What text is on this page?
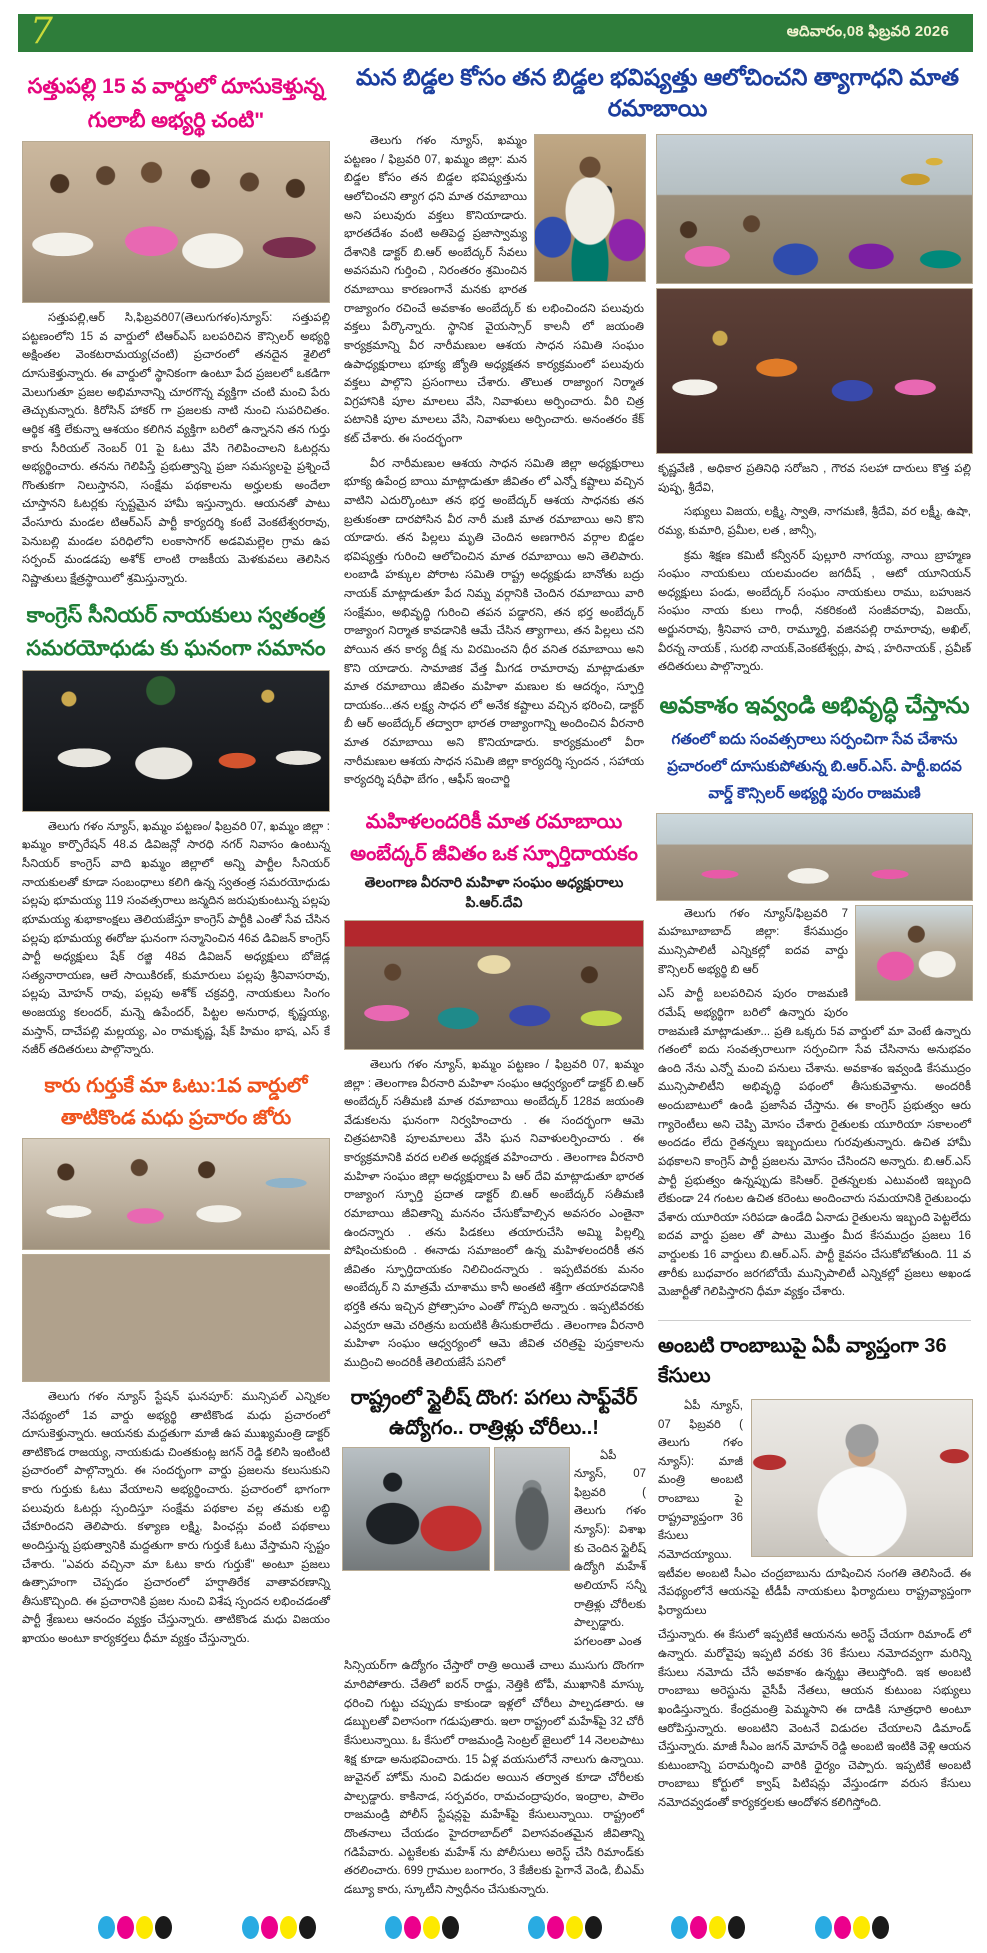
7	ఆదివారం,08 ఫిబ్రవరి 2026
సత్తుపల్లి 15 వ వార్డులో దూసుకెళ్తున్న గులాబీ అభ్యర్థి చంటి"

సత్తుపల్లి,ఆర్ సి,ఫిబ్రవరి07(తెలుగుగళం)న్యూస్: సత్తుపల్లి పట్టణంలోని 15 వ వార్డులో టిఆర్ఎస్ బలపరిచిన కౌన్సిలర్ అభ్యర్థి అక్షింతల వెంకటరామయ్య(చంటి) ప్రచారంలో తనదైన శైలిలో దూసుకెళ్తున్నారు. ఈ వార్డులో స్థానికంగా ఉంటూ పేద ప్రజలలో ఒకడిగా మెలుగుతూ ప్రజల అభిమానాన్ని చూరగొన్న వ్యక్తిగా చంటి మంచి పేరు తెచ్చుకున్నారు. కిరోసిన్ హాకర్ గా ప్రజలకు నాటి నుంచి సుపరిచితం. ఆర్థిక శక్తి లేకున్నా ఆశయం కలిగిన వ్యక్తిగా బరిలో ఉన్నానని తన గుర్తు కారు సీరియల్ నెంబర్ 01 పై ఓటు వేసి గెలిపించాలని ఓటర్లను అభ్యర్థించారు. తనను గెలిపిస్తే ప్రభుత్వాన్ని ప్రజా సమస్యలపై ప్రశ్నించే గొంతుకగా నిలుస్తానని, సంక్షేమ పథకాలను అర్హులకు అందేలా చూస్తానని ఓటర్లకు స్పష్టమైన హామీ ఇస్తున్నారు. ఆయనతో పాటు వేంసూరు మండల టిఆర్ఎస్ పార్టీ కార్యదర్శి కంటే వెంకటేశ్వరరావు, పెనుబల్లి మండల పరిధిలోని లంకాసాగర్ అడవిమల్లెల గ్రామ ఉప సర్పంచ్ మండడపు అశోక్ లాంటి రాజకీయ మెళకువలు తెలిసిన నిష్ణాతులు క్షేత్రస్థాయిలో శ్రమిస్తున్నారు.

కాంగ్రెస్ సీనియర్ నాయకులు స్వతంత్ర సమరయోధుడు కు ఘనంగా సమానం

తెలుగు గళం న్యూస్, ఖమ్మం పట్టణం/ ఫిబ్రవరి 07, ఖమ్మం జిల్లా : ఖమ్మం కార్పొరేషన్ 48.వ డివిజన్లో సారధి నగర్ నివాసం ఉంటున్న సీనియర్ కాంగ్రెస్ వాది ఖమ్మం జిల్లాలో అన్ని పార్టీల సీనియర్ నాయకులతో కూడా సంబంధాలు కలిగి ఉన్న స్వతంత్ర సమరయోధుడు పల్లపు భూమయ్య 119 సంవత్సరాలు జన్మదిన జరుపుకుంటున్న పల్లపు భూమయ్య శుభాకాంక్షలు తెలియజేస్తూ కాంగ్రెస్ పార్టీకి ఎంతో సేవ చేసిన పల్లపు భూమయ్య ఈరోజు ఘనంగా సన్మానించిన 46వ డివిజన్ కాంగ్రెస్ పార్టీ అధ్యక్షులు షేక్ రజ్జి 48వ డివిజన్ అధ్యక్షులు బోజెడ్ల సత్యనారాయణ, ఆలే సాయికిరణ్, కుమారులు పల్లపు శ్రీనివాసరావు, పల్లపు మోహన్ రావు, పల్లపు అశోక్ చక్రవర్తి, నాయకులు సింగం అంజయ్య కలందర్, మన్నె ఉపేందర్, పిట్టల అనురాధ, కృష్ణయ్య, మస్తాన్, దాచేపల్లి మల్లయ్య, ఎం రామకృష్ణ, షేక్ హిమం భాష, ఎస్ కే నజీర్ తదితరులు పాల్గొన్నారు.

కారు గుర్తుకే మా ఓటు:1వ వార్డులో తాటికొండ మధు ప్రచారం జోరు

తెలుగు గళం న్యూస్ స్టేషన్ ఘనపూర్: మున్సిపల్ ఎన్నికల నేపథ్యంలో 1వ వార్డు అభ్యర్థి తాటికొండ మధు ప్రచారంలో దూసుకెళ్తున్నారు. ఆయనకు మద్దతుగా మాజీ ఉప ముఖ్యమంత్రి డాక్టర్ తాటికొండ రాజయ్య, నాయకుడు చింతకుంట్ల జగన్ రెడ్డి కలిసి ఇంటింటి ప్రచారంలో పాల్గొన్నారు. ఈ సందర్భంగా వార్డు ప్రజలను కలుసుకుని కారు గుర్తుకు ఓటు వేయాలని అభ్యర్థించారు. ప్రచారంలో భాగంగా పలువురు ఓటర్లు స్పందిస్తూ సంక్షేమ పథకాల వల్ల తమకు లబ్ధి చేకూరిందని తెలిపారు. కళ్యాణ లక్ష్మి, పింఛన్లు వంటి పథకాలు అందిస్తున్న ప్రభుత్వానికి మద్దతుగా కారు గుర్తుకే ఓటు వేస్తామని స్పష్టం చేశారు. "ఎవరు వచ్చినా మా ఓటు కారు గుర్తుకే" అంటూ ప్రజలు ఉత్సాహంగా చెప్పడం ప్రచారంలో హర్షాతిరేక వాతావరణాన్ని తీసుకొచ్చింది. ఈ ప్రచారానికి ప్రజల నుంచి విశేష స్పందన లభించడంతో పార్టీ శ్రేణులు ఆనందం వ్యక్తం చేస్తున్నారు. తాటికొండ మధు విజయం ఖాయం అంటూ కార్యకర్తలు ధీమా వ్యక్తం చేస్తున్నారు.

మన బిడ్డల కోసం తన బిడ్డల భవిష్యత్తు ఆలోచించని త్యాగాధని మాత రమాబాయి

తెలుగు గళం న్యూస్, ఖమ్మం పట్టణం / ఫిబ్రవరి 07, ఖమ్మం జిల్లా: మన బిడ్డల కోసం తన బిడ్డల భవిష్యత్తును ఆలోచించని త్యాగ ధని మాత రమాబాయి అని పలువురు వక్తలు కొనియాడారు. భారతదేశం వంటి అతిపెద్ద ప్రజాస్వామ్య దేశానికి డాక్టర్ బి.ఆర్ అంబేద్కర్ సేవలు అవసమని గుర్తించి , నిరంతరం శ్రమించిన రమాబాయి కారణంగానే మనకు భారత రాజ్యాంగం రచించే అవకాశం అంబేద్కర్ కు లభించిందని పలువురు వక్తలు పేర్కొన్నారు. స్థానిక వైయస్సార్ కాలనీ లో జయంతి కార్యక్రమాన్ని వీర నారీమణుల ఆశయ సాధన సమితి సంఘం ఉపాధ్యక్షురాలు భూక్య జ్యోతి అధ్యక్షతన కార్యక్రమంలో పలువురు వక్తలు పాల్గొని ప్రసంగాలు చేశారు. తొలుత రాజ్యాంగ నిర్మాత విగ్రహానికి పూల మాలలు వేసి, నివాళులు అర్పించారు. వీరి చిత్ర పటానికి పూల మాలలు వేసి, నివాళులు అర్పించారు. అనంతరం కేక్ కట్ చేశారు. ఈ సందర్భంగా

వీర నారీమణుల ఆశయ సాధన సమితి జిల్లా అధ్యక్షురాలు భూక్య ఉపేంద్ర బాయి మాట్లాడుతూ జీవితం లో ఎన్నో కష్టాలు వచ్చిన వాటిని ఎదుర్కొంటూ తన భర్త అంబేద్కర్ ఆశయ సాధనకు తన బ్రతుకంతా దారపోసిన వీర నారీ మణి మాత రమాబాయి అని కొని యాడారు. తన పిల్లలు మృతి చెందిన అణగారిన వర్గాల బిడ్డల భవిష్యత్తు గురించి ఆలోచించిన మాత రమాబాయి అని తెలిపారు. లంబాడి హక్కుల పోరాట సమితి రాష్ట్ర అధ్యక్షుడు బానోతు బద్రు నాయక్ మాట్లాడుతూ పేద నిమ్న వర్గానికి చెందిన రమాబాయి వారి సంక్షేమం, అభివృద్ధి గురించి తపన పడ్డారని, తన భర్త అంబేద్కర్ రాజ్యాంగ నిర్మాత కావడానికి ఆమే చేసిన త్యాగాలు, తన పిల్లలు చని పోయిన తన కార్య దీక్ష ను విరమించని ధీర వనిత రమాబాయి అని కొని యాడారు. సామాజిక వేత్త మీగడ రామారావు మాట్లాడుతూ మాత రమాబాయి జీవితం మహిళా మణుల కు ఆదర్శం, స్ఫూర్తి దాయకం...తన లక్ష్య సాధన లో అనేక కష్టాలు వచ్చిన భరించి, డాక్టర్ బీ ఆర్ అంబేద్కర్ తద్వారా భారత రాజ్యాంగాన్ని అందించిన వీరనారి మాత రమాబాయి అని కొనియాడారు. కార్యక్రమంలో వీరా నారీమణుల ఆశయ సాధన సమితి జిల్లా కార్యదర్శి స్పందన , సహాయ కార్యదర్శి షరీఫా బేగం , ఆఫీస్ ఇంచార్జి

మహిళలందరికీ మాత రమాబాయి అంబేద్కర్ జీవితం ఒక స్ఫూర్తిదాయకం
తెలంగాణ వీరనారి మహిళా సంఘం అధ్యక్షురాలు పి.ఆర్.దేవి

తెలుగు గళం న్యూస్, ఖమ్మం పట్టణం / ఫిబ్రవరి 07, ఖమ్మం జిల్లా : తెలంగాణ వీరనారి మహిళా సంఘం ఆధ్వర్యంలో డాక్టర్ బి.ఆర్ అంబేద్కర్ సతీమణి మాత రమాబాయి అంబేద్కర్ 128వ జయంతి వేడుకలను ఘనంగా నిర్వహించారు . ఈ సందర్భంగా ఆమె చిత్రపటానికి పూలమాలలు వేసి ఘన నివాళులర్పించారు . ఈ కార్యక్రమానికి వరద లలిత అధ్యక్షత వహించారు . తెలంగాణ వీరనారి మహిళా సంఘం జిల్లా అధ్యక్షురాలు పి ఆర్ దేవి మాట్లాడుతూ భారత రాజ్యాంగ స్ఫూర్తి ప్రదాత డాక్టర్ బి.ఆర్ అంబేద్కర్ సతీమణి రమాబాయి జీవితాన్ని మననం చేసుకోవాల్సిన అవసరం ఎంతైనా ఉందన్నారు . తను పిడకలు తయారుచేసి అమ్మి పిల్లల్ని పోషించుకుంది . ఈనాడు సమాజంలో ఉన్న మహిళలందరికీ తన జీవితం స్ఫూర్తిదాయకం నిలిచిందన్నారు . ఇప్పటివరకు మనం అంబేద్కర్ ని మాత్రమే చూశాము కానీ అంతటి శక్తిగా తయారవడానికి భర్తకి తను ఇచ్చిన ప్రోత్సాహం ఎంతో గొప్పది అన్నారు . ఇప్పటివరకు ఎవ్వరూ ఆమె చరిత్రను బయటికి తీసుకురాలేదు . తెలంగాణ వీరనారి మహిళా సంఘం ఆధ్వర్యంలో ఆమె జీవిత చరిత్రపై పుస్తకాలను ముద్రించి అందరికీ తెలియజేసే పనిలో

రాష్ట్రంలో స్టైలీష్ దొంగ: పగలు సాఫ్ట్‌వేర్ ఉద్యోగం.. రాత్రిళ్లు చోరీలు..!

ఏపీ న్యూస్, 07 ఫిబ్రవరి ( తెలుగు గళం న్యూస్): విశాఖ కు చెందిన స్టైలీష్ ఉద్యోగి మహేశ్ అలియాస్ సన్నీ రాత్రిళ్లు చోరీలకు పాల్పడ్డారు. పగలంతా ఎంత

సిన్సియర్‌గా ఉద్యోగం చేస్తారో రాత్రి అయితే చాలు ముసుగు దొంగగా మారిపోతారు. చేతిలో ఐరన్ రాడ్డు, నెత్తికి టోపీ, ముఖానికి మాస్కు ధరించి గుట్టు చప్పుడు కాకుండా ఇళ్లలో చోరీలు పాల్పడతారు. ఆ డబ్బులతో విలాసంగా గడుపుతారు. ఇలా రాష్ట్రంలో మహేశ్‌పై 32 చోరీ కేసులున్నాయి. ఓ కేసులో రాజమండ్రి సెంట్రల్ జైలులో 14 నెలలపాటు శిక్ష కూడా అనుభవించారు. 15 ఏళ్ల వయసులోనే నాలుగు ఉన్నాయి. జువైనల్ హోమ్ నుంచి విడుదల అయిన తర్వాత కూడా చోరీలకు పాల్పడ్డారు. కాకినాడ, సర్పవరం, రామచంద్రాపురం, ఇంద్రాల, పాలెం రాజమండ్రి పోలీస్ స్టేషన్లపై మహేశ్‌పై కేసులున్నాయి. రాష్ట్రంలో దొంతనాలు చేయడం హైదరాబాద్‌లో విలాసవంతమైన జీవితాన్ని గడిపేవారు. ఎట్టకేలకు మహేశ్ ను పోలీసులు అరెస్ట్ చేసి రిమాండ్‌కు తరలించారు. 699 గ్రాముల బంగారం, 3 కేజీలకు పైగానే వెండి, బీఎమ్ డబ్యూ కారు, స్కూటీని స్వాధీనం చేసుకున్నారు.

కృష్ణవేణి , అధికార ప్రతినిధి సరోజని , గౌరవ సలహా దారులు కొత్త పల్లి పుష్ప, శ్రీదేవి,

సభ్యులు విజయ, లక్ష్మి, స్వాతి, నాగమణి, శ్రీదేవి, వర లక్ష్మీ, ఉషా, రమ్య, కుమారి, ప్రమీల, లత , జాన్సీ,

క్రమ శిక్షణ కమిటీ కన్వీనర్ పుల్లూరి నాగయ్య, నాయి బ్రాహ్మణ సంఘం నాయకులు యలమందల జగదీష్ , ఆటో యూనియన్ అధ్యక్షులు పండు, అంబేద్కర్ సంఘం నాయకులు రాము, బహుజన సంఘం నాయ కులు గాంధీ, నకరికంటి సంజీవరావు, విజయ్, అర్జునరావు, శ్రీనివాస చారి, రామ్మూర్తి, వజినపల్లి రామారావు, అఖిల్, వీరన్న నాయక్ , సురభి నాయక్,వెంకటేశ్వర్లు, పాష , హరినాయక్ , ప్రవీణ్ తదితరులు పాల్గొన్నారు.

అవకాశం ఇవ్వండి అభివృద్ధి చేస్తాను
గతంలో ఐదు సంవత్సరాలు సర్పంచిగా సేవ చేశాను
ప్రచారంలో దూసుకుపోతున్న బి.ఆర్.ఎస్. పార్టీ.ఐదవ వార్డ్ కౌన్సిలర్ అభ్యర్థి పురం రాజమణి

తెలుగు గళం న్యూస్/ఫిబ్రవరి 7 మహబూబాబాద్ జిల్లా: కేసముద్రం మున్సిపాలిటీ ఎన్నికల్లో ఐదవ వార్డు కౌన్సిలర్ అభ్యర్థి బి ఆర్

ఎస్ పార్టీ బలపరిచిన పురం రాజమణి రమేష్ అభ్యర్థిగా బరిలో ఉన్నారు పురం రాజమణి మాట్లాడుతూ... ప్రతి ఒక్కరు 5వ వార్డులో మా వెంటే ఉన్నారు గతంలో ఐదు సంవత్సరాలుగా సర్పంచిగా సేవ చేసినాను అనుభవం ఉంది నేను ఎన్నో మంచి పనులు చేశాను. అవకాశం ఇవ్వండి కేసముద్రం మున్సిపాలిటీని అభివృద్ధి పథంలో తీసుకువెళ్తాను. అందరికీ అందుబాటులో ఉండి ప్రజాసేవ చేస్తాను. ఈ కాంగ్రెస్ ప్రభుత్వం ఆరు గ్యారెంటీలు అని చెప్పి మోసం చేశారు రైతులకు యూరియా సకాలంలో అందడం లేదు రైతన్నలు ఇబ్బందులు గురవుతున్నారు. ఉచిత హామీ పథకాలని కాంగ్రెస్ పార్టీ ప్రజలను మోసం చేసిందని అన్నారు. బి.ఆర్.ఎస్ పార్టీ ప్రభుత్వం ఉన్నప్పుడు కెసిఆర్. రైతన్నలకు ఎటువంటి ఇబ్బంది లేకుండా 24 గంటల ఉచిత కరెంటు అందించారు సమయానికి రైతుబంధు వేశారు యూరియా సరిపడా ఉండేది ఏనాడు రైతులను ఇబ్బంది పెట్టలేదు ఐదవ వార్డు ప్రజల తో పాటు మొత్తం మీద కేసముద్రం ప్రజలు 16 వార్డులకు 16 వార్డులు బి.ఆర్.ఎస్. పార్టీ కైవసం చేసుకోబోతుంది. 11 వ తారీకు బుధవారం జరగబోయే మున్సిపాలిటీ ఎన్నికల్లో ప్రజలు అఖండ మెజార్టీతో గెలిపిస్తారని ధీమా వ్యక్తం చేశారు.

అంబటి రాంబాబుపై ఏపీ వ్యాప్తంగా 36 కేసులు

ఏపీ న్యూస్, 07 ఫిబ్రవరి ( తెలుగు గళం న్యూస్): మాజీ మంత్రి అంబటి రాంబాబు పై రాష్ట్రవ్యాప్తంగా 36 కేసులు నమోదయ్యాయి. ఇటీవల అంబటి సీఎం చంద్రబాబును దూషించిన సంగతి తెలిసిందే. ఈ నేపథ్యంలోనే ఆయనపై టీడీపీ నాయకులు ఫిర్యాదులు రాష్ట్రవ్యాప్తంగా ఫిర్యాదులు

చేస్తున్నారు. ఈ కేసులో ఇప్పటికే ఆయనను అరెస్ట్ చేయగా రిమాండ్ లో ఉన్నారు. మరోవైపు ఇప్పటి వరకు 36 కేసులు నమోదవ్వగా మరిన్ని కేసులు నమోదు చేసే అవకాశం ఉన్నట్టు తెలుస్తోంది. ఇక అంబటి రాంబాబు అరెస్టును వైసీపీ నేతలు, ఆయన కుటుంబ సభ్యులు ఖండిస్తున్నారు. కేంద్రమంత్రి పెమ్మసాని ఈ దాడికి సూత్రధారి అంటూ ఆరోపిస్తున్నారు. అంబటిని వెంటనే విడుదల చేయాలని డిమాండ్ చేస్తున్నారు. మాజీ సీఎం జగన్ మోహన్ రెడ్డి అంబటి ఇంటికి వెళ్లి ఆయన కుటుంబాన్ని పరామర్శించి వారికి ధైర్యం చెప్పారు. ఇప్పటికే అంబటి రాంబాబు కోర్టులో క్వాష్ పిటిషన్లు వేస్తుండగా వరుస కేసులు నమోదవ్వడంతో కార్యకర్తలకు ఆందోళన కలిగిస్తోంది.
